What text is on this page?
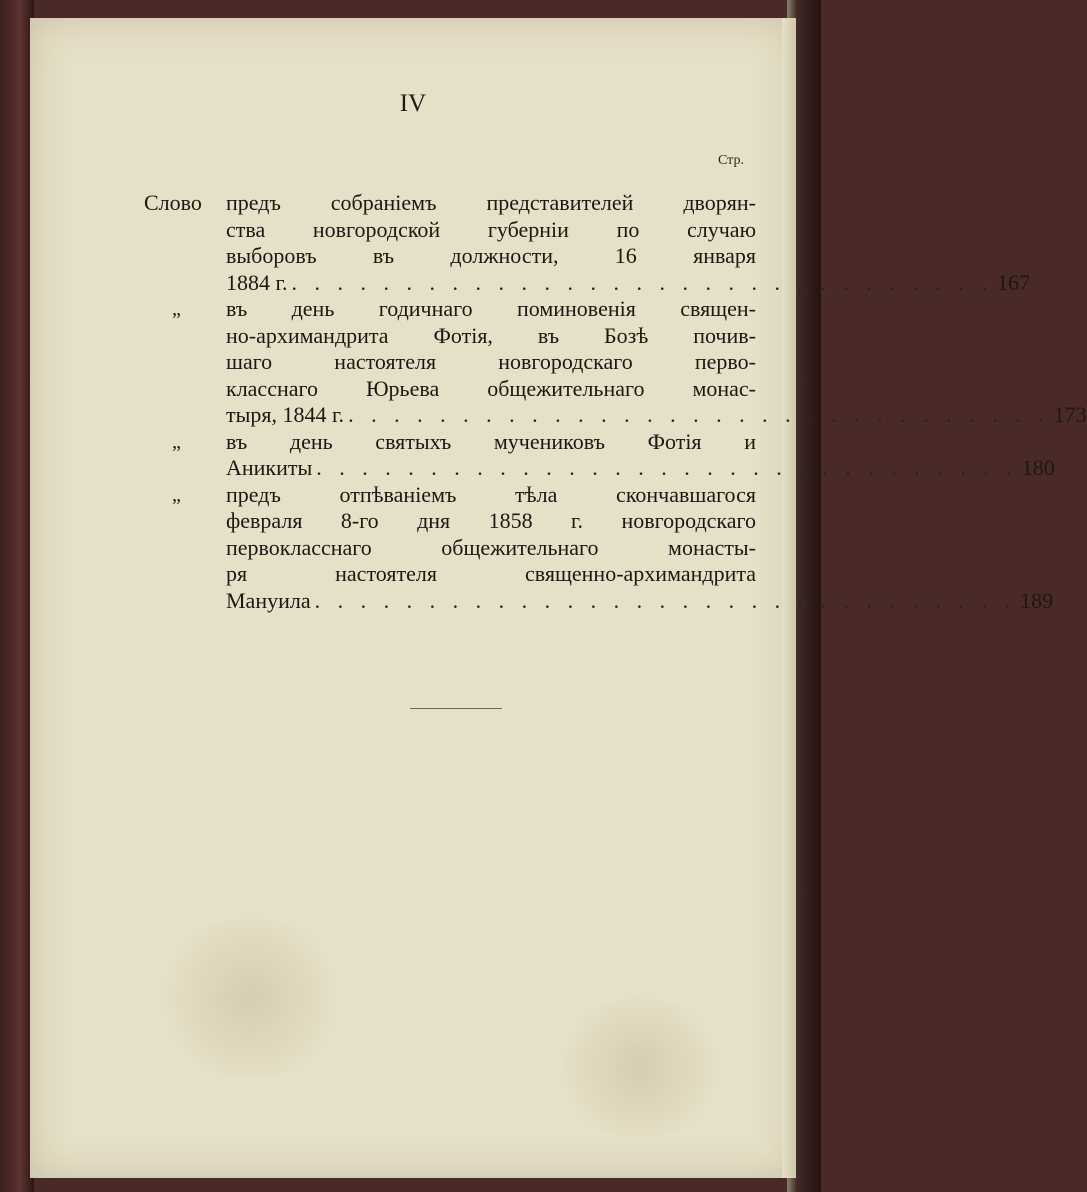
IV
Стр.
Слово	предъ собраніемъ представителей дворян-
ства новгородской губерніи по случаю
выборовъ въ должности, 16 января
1884 г. . . . . . . . . . . . . . . . . . . . . . . . . . . . . . . . 167
„	въ день годичнаго поминовенія священ-
но-архимандрита Фотія, въ Бозѣ почив-
шаго настоятеля новгородскаго перво-
класснаго Юрьева общежительнаго монас-
тыря, 1844 г. . . . . . . . . . . . . . . . . . . . . . . . . . . . . . . . 173
„	въ день святыхъ мучениковъ Фотія и
Аникиты . . . . . . . . . . . . . . . . . . . . . . . . . . . . . . . 180
„	предъ отпѣваніемъ тѣла скончавшагося
февраля 8-го дня 1858 г. новгородскаго
первокласснаго общежительнаго монасты-
ря настоятеля священно-архимандрита
Мануила . . . . . . . . . . . . . . . . . . . . . . . . . . . . . . . 189
